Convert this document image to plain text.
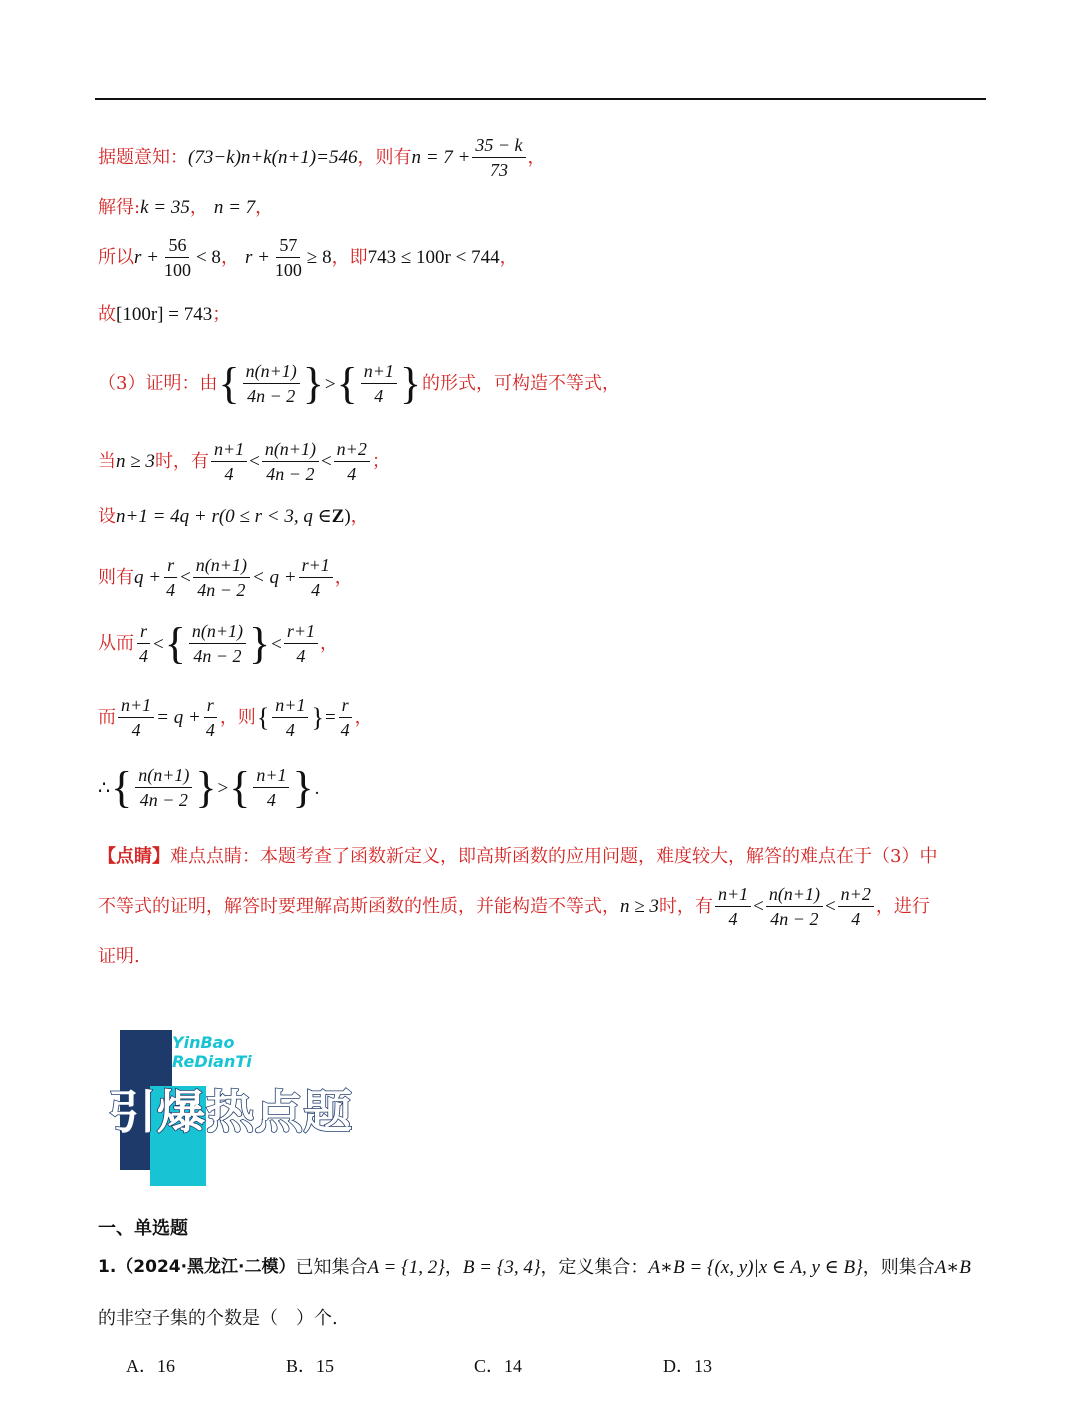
据题意知： (73−k)n+k(n+1)=546 ，则有 $n = 7 + \frac{35 - k}{73}$ ，
解得: k = 35 ， n = 7 ，
所以 $r + \frac{56}{100} < 8$ ， $r + \frac{57}{100} \ge 8$ ，即 743 ≤ 100r < 744 ，
故 [100r] = 743 ；
（3）证明：由 { $\frac{n(n+1)}{4n - 2}$ } > { $\frac{n+1}{4}$ } 的形式，可构造不等式，
当 n ≥ 3 时，有 $\frac{n+1}{4} < \frac{n(n+1)}{4n - 2} < \frac{n+2}{4}$ ；
设 n+1 = 4q + r(0 ≤ r < 3, q ∈ Z ) ，
则有 $q + \frac{r}{4} < \frac{n(n+1)}{4n - 2} < q + \frac{r+1}{4}$ ，
从而 $\frac{r}{4}$ < { $\frac{n(n+1)}{4n - 2}$ } < $\frac{r+1}{4}$ ，
而 $\frac{n+1}{4} = q + \frac{r}{4}$ ，则 { $\frac{n+1}{4}$ } = $\frac{r}{4}$ ，
∴ { $\frac{n(n+1)}{4n - 2}$ } > { $\frac{n+1}{4}$ } .
【点睛】 难点点睛：本题考查了函数新定义，即高斯函数的应用问题，难度较大，解答的难点在于（3）中
不等式的证明，解答时要理解高斯函数的性质，并能构造不等式， n ≥ 3 时，有 $\frac{n+1}{4} < \frac{n(n+1)}{4n - 2} < \frac{n+2}{4}$ ，进行
证明.
YinBao
ReDianTi
引爆热点题
一、单选题
1.（2024·黑龙江·二模） 已知集合 A = {1, 2} ， B = {3, 4} ，定义集合： A∗B = {(x, y)|x ∈ A, y ∈ B} ，则集合 A∗B
的非空子集的个数是（　）个.
A．16	B．15	C．14	D．13
